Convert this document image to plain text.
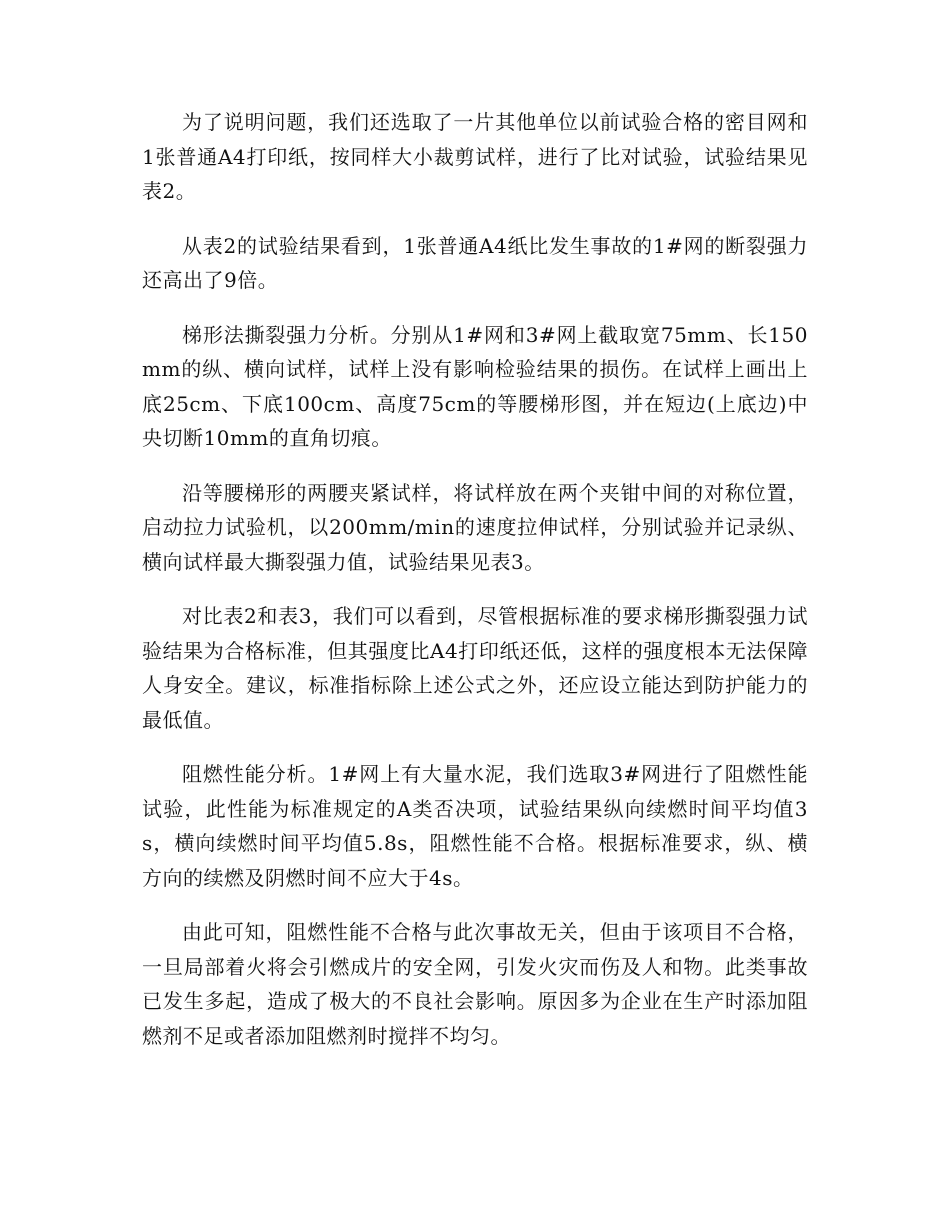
为了说明问题，我们还选取了一片其他单位以前试验合格的密目网和1张普通A4打印纸，按同样大小裁剪试样，进行了比对试验，试验结果见表2。

从表2的试验结果看到，1张普通A4纸比发生事故的1#网的断裂强力还高出了9倍。

梯形法撕裂强力分析。分别从1#网和3#网上截取宽75mm、长150mm的纵、横向试样，试样上没有影响检验结果的损伤。在试样上画出上底25cm、下底100cm、高度75cm的等腰梯形图，并在短边(上底边)中央切断10mm的直角切痕。

沿等腰梯形的两腰夹紧试样，将试样放在两个夹钳中间的对称位置，启动拉力试验机，以200mm/min的速度拉伸试样，分别试验并记录纵、横向试样最大撕裂强力值，试验结果见表3。

对比表2和表3，我们可以看到，尽管根据标准的要求梯形撕裂强力试验结果为合格标准，但其强度比A4打印纸还低，这样的强度根本无法保障人身安全。建议，标准指标除上述公式之外，还应设立能达到防护能力的最低值。

阻燃性能分析。1#网上有大量水泥，我们选取3#网进行了阻燃性能试验，此性能为标准规定的A类否决项，试验结果纵向续燃时间平均值3s，横向续燃时间平均值5.8s，阻燃性能不合格。根据标准要求，纵、横方向的续燃及阴燃时间不应大于4s。

由此可知，阻燃性能不合格与此次事故无关，但由于该项目不合格，一旦局部着火将会引燃成片的安全网，引发火灾而伤及人和物。此类事故已发生多起，造成了极大的不良社会影响。原因多为企业在生产时添加阻燃剂不足或者添加阻燃剂时搅拌不均匀。
